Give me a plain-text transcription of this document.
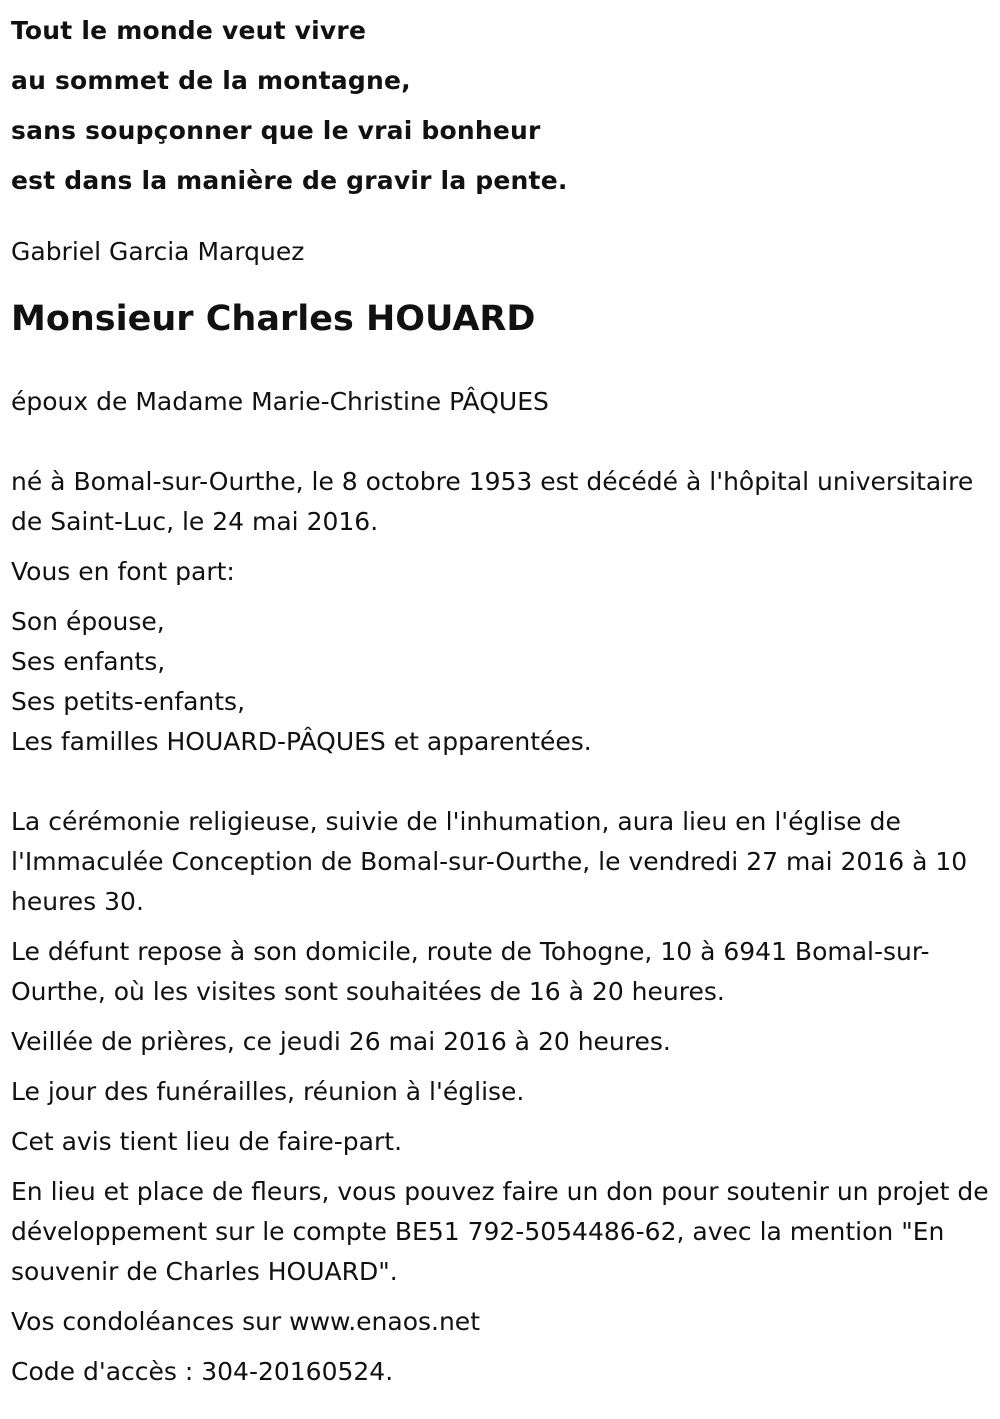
Tout le monde veut vivre
au sommet de la montagne,
sans soupçonner que le vrai bonheur
est dans la manière de gravir la pente.
Gabriel Garcia Marquez
Monsieur Charles HOUARD

époux de Madame Marie-Christine PÂQUES

né à Bomal-sur-Ourthe, le 8 octobre 1953 est décédé à l'hôpital universitaire de Saint-Luc, le 24 mai 2016.

Vous en font part:

Son épouse,
Ses enfants,
Ses petits-enfants,
Les familles HOUARD-PÂQUES et apparentées.

La cérémonie religieuse, suivie de l'inhumation, aura lieu en l'église de l'Immaculée Conception de Bomal-sur-Ourthe, le vendredi 27 mai 2016 à 10 heures 30.

Le défunt repose à son domicile, route de Tohogne, 10 à 6941 Bomal-sur-Ourthe, où les visites sont souhaitées de 16 à 20 heures.

Veillée de prières, ce jeudi 26 mai 2016 à 20 heures.

Le jour des funérailles, réunion à l'église.

Cet avis tient lieu de faire-part.

En lieu et place de fleurs, vous pouvez faire un don pour soutenir un projet de développement sur le compte BE51 792-5054486-62, avec la mention "En souvenir de Charles HOUARD".

Vos condoléances sur www.enaos.net

Code d'accès : 304-20160524.
